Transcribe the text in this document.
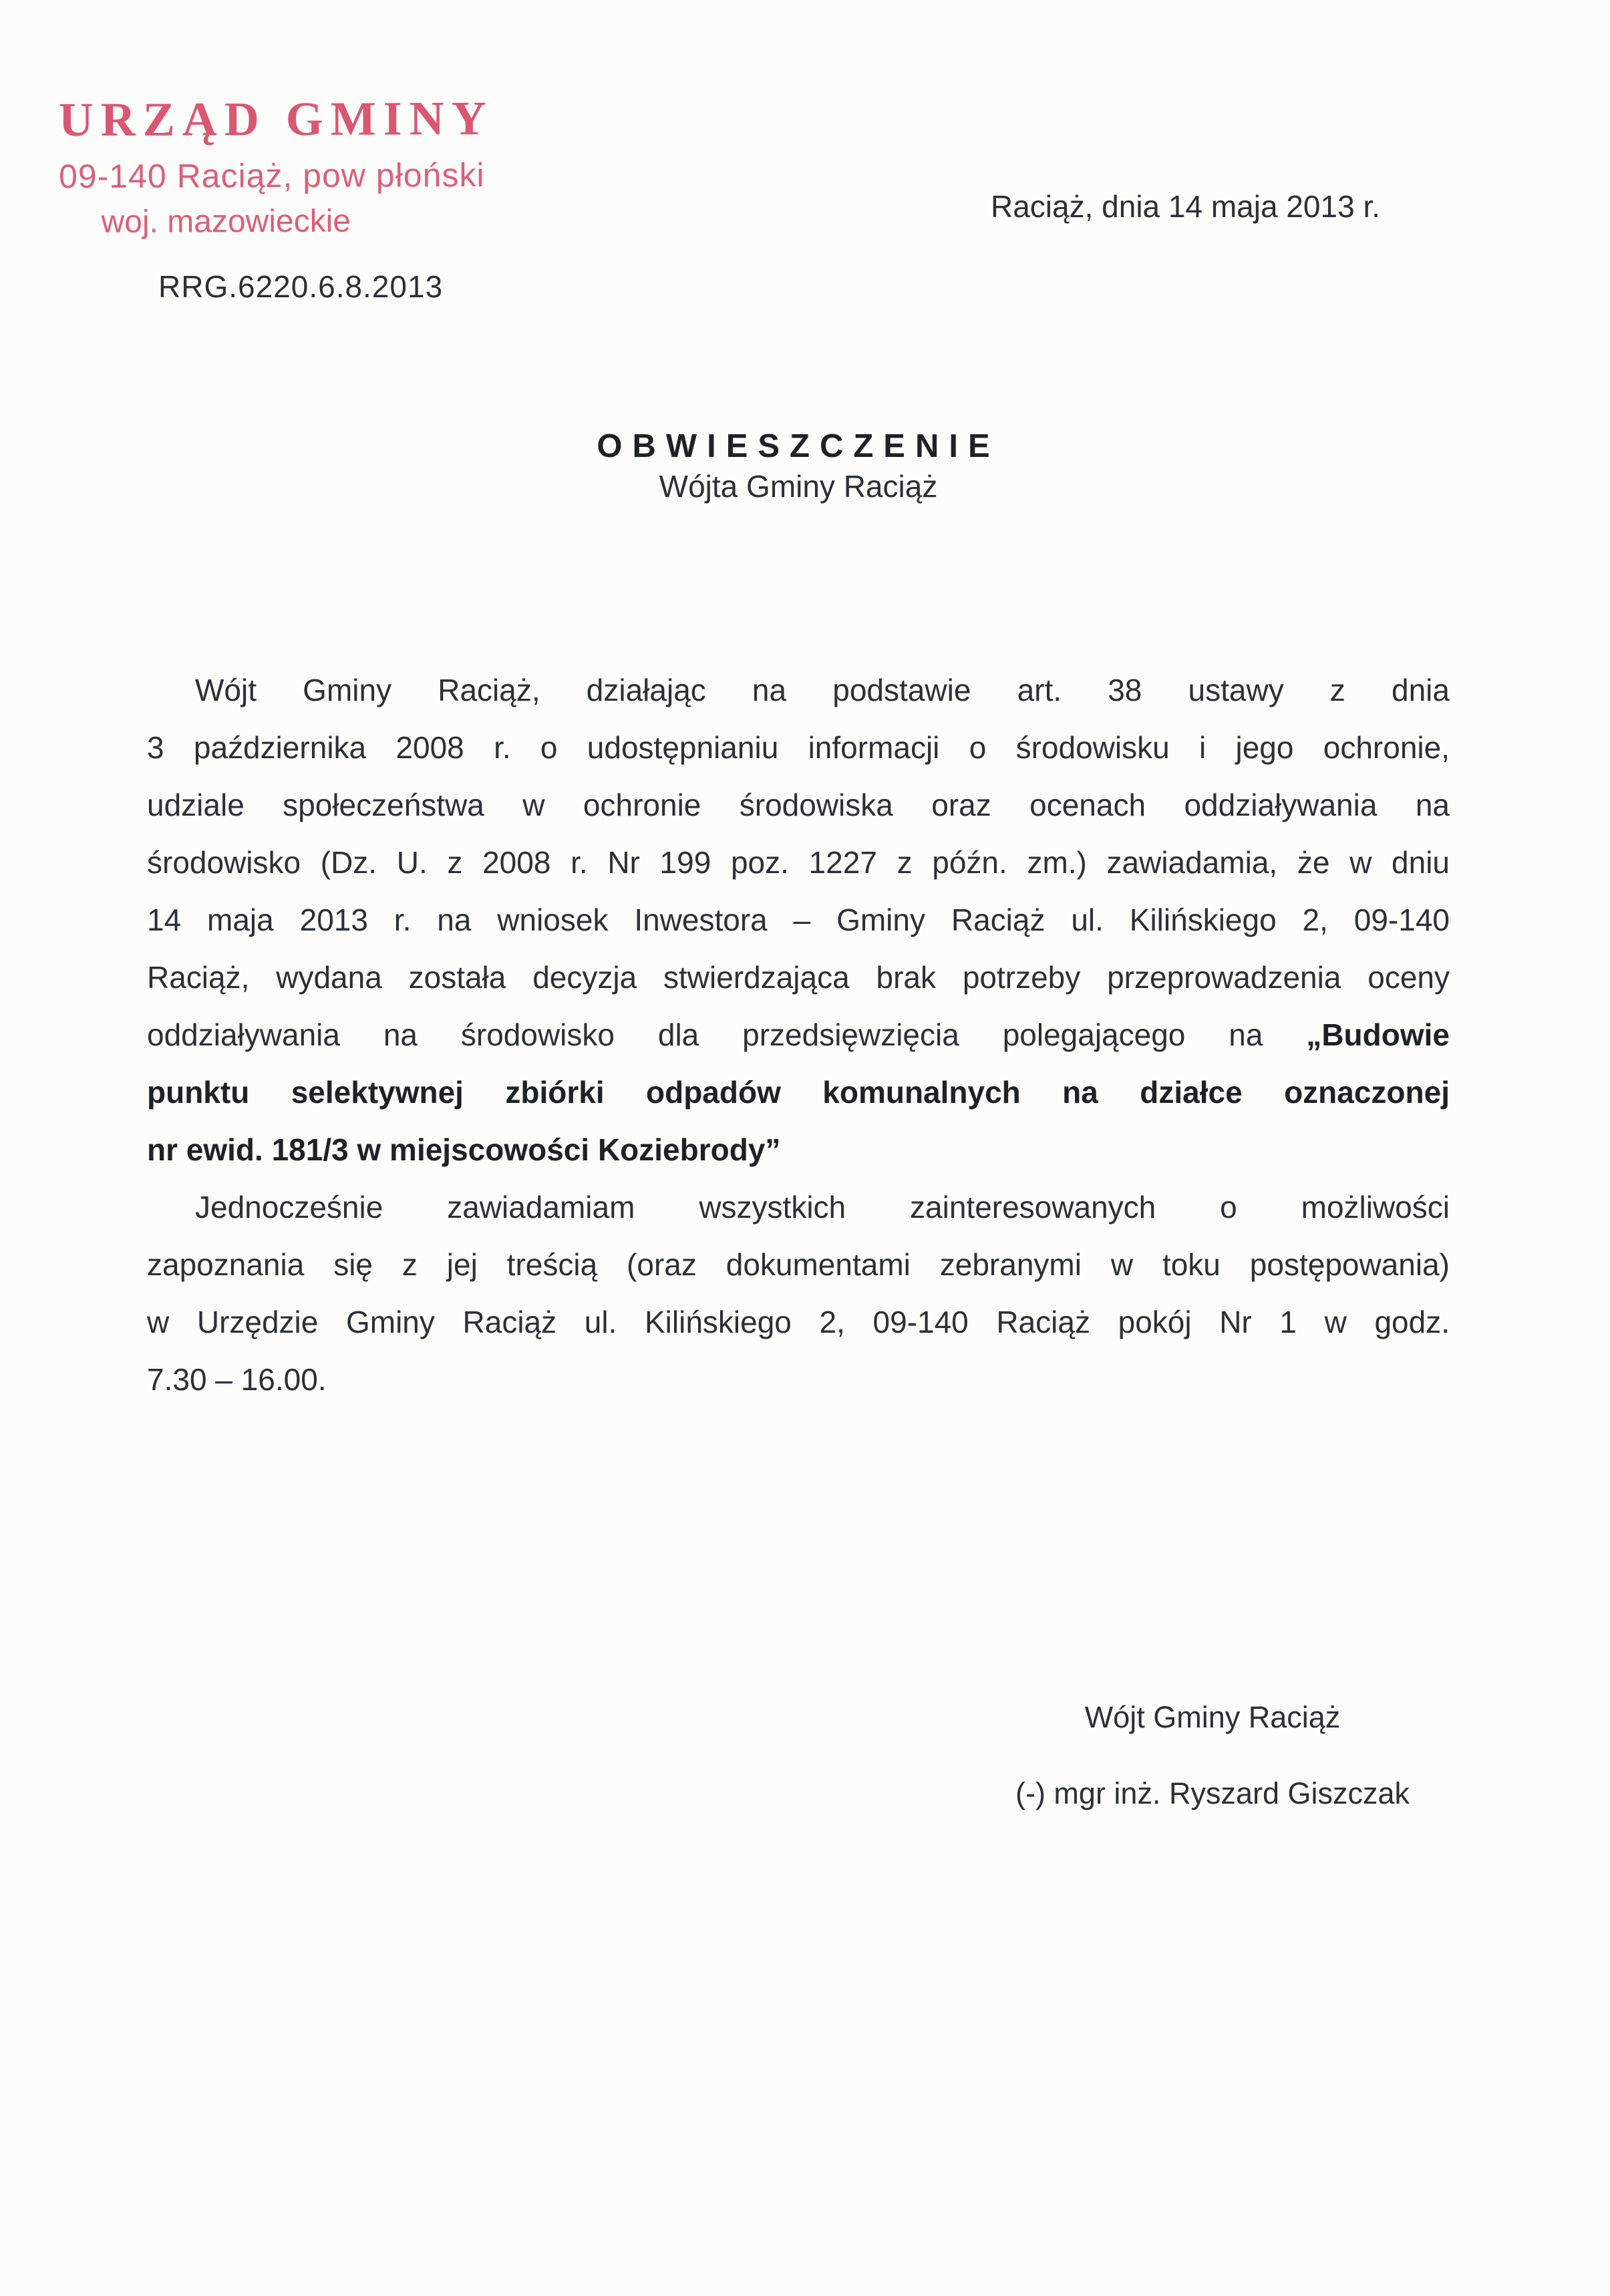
URZĄD GMINY
09-140 Raciąż, pow płoński
woj. mazowieckie
RRG.6220.6.8.2013
Raciąż, dnia 14 maja 2013 r.
OBWIESZCZENIE
Wójta Gminy Raciąż
Wójt Gminy Raciąż, działając na podstawie art. 38 ustawy z dnia
3 października 2008 r. o udostępnianiu informacji o środowisku i jego ochronie,
udziale społeczeństwa w ochronie środowiska oraz ocenach oddziaływania na
środowisko (Dz. U. z 2008 r. Nr 199 poz. 1227 z późn. zm.) zawiadamia, że w dniu
14 maja 2013 r. na wniosek Inwestora – Gminy Raciąż ul. Kilińskiego 2, 09-140
Raciąż, wydana została decyzja stwierdzająca brak potrzeby przeprowadzenia oceny
oddziaływania na środowisko dla przedsięwzięcia polegającego na „Budowie
punktu selektywnej zbiórki odpadów komunalnych na działce oznaczonej
nr ewid. 181/3 w miejscowości Koziebrody”
Jednocześnie zawiadamiam wszystkich zainteresowanych o możliwości
zapoznania się z jej treścią (oraz dokumentami zebranymi w toku postępowania)
w Urzędzie Gminy Raciąż ul. Kilińskiego 2, 09-140 Raciąż pokój Nr 1 w godz.
7.30 – 16.00.
Wójt Gminy Raciąż
(-) mgr inż. Ryszard Giszczak
